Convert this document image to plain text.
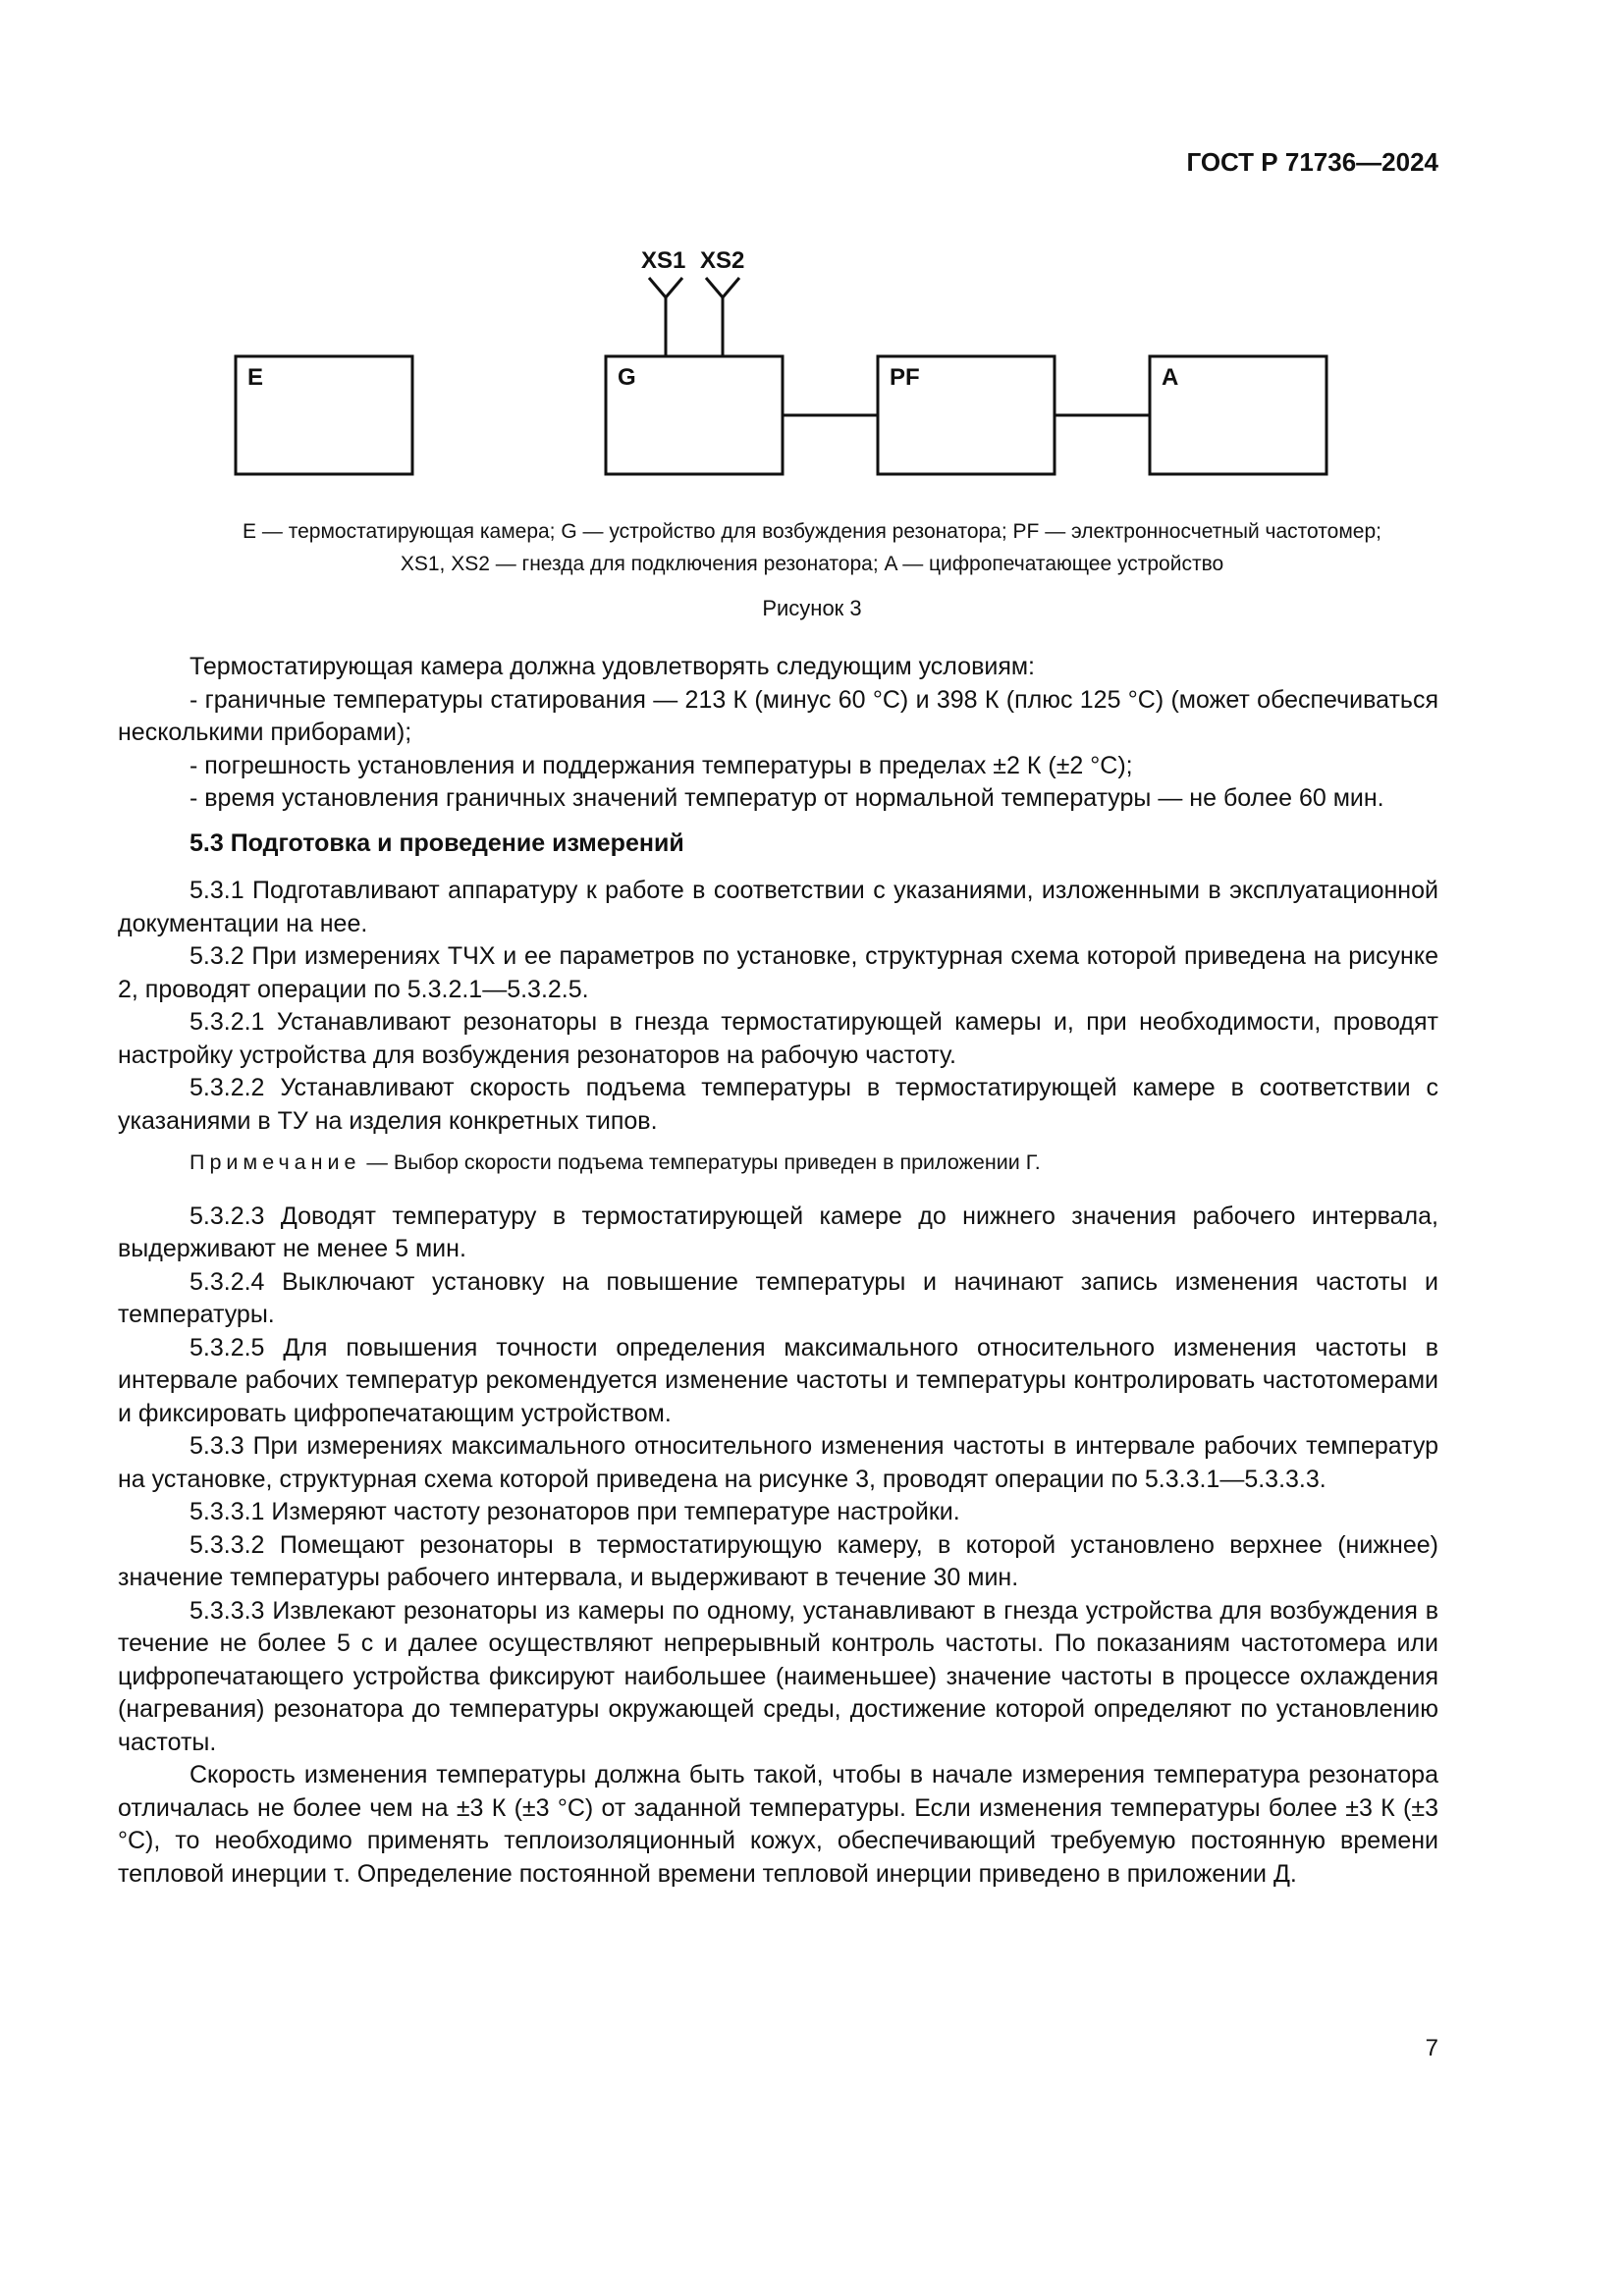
ГОСТ Р 71736—2024
E	G	PF	A
XS1 XS2
E — термостатирующая камера; G — устройство для возбуждения резонатора; PF — электронносчетный частотомер;
XS1, XS2 — гнезда для подключения резонатора; A — цифропечатающее устройство
Рисунок 3

Термостатирующая камера должна удовлетворять следующим условиям:

- граничные температуры статирования — 213 К (минус 60 °С) и 398 К (плюс 125 °С) (может обеспечиваться несколькими приборами);

- погрешность установления и поддержания температуры в пределах ±2 К (±2 °С);

- время установления граничных значений температур от нормальной температуры — не более 60 мин.

5.3 Подготовка и проведение измерений

5.3.1 Подготавливают аппаратуру к работе в соответствии с указаниями, изложенными в эксплуатационной документации на нее.

5.3.2 При измерениях ТЧХ и ее параметров по установке, структурная схема которой приведена на рисунке 2, проводят операции по 5.3.2.1—5.3.2.5.

5.3.2.1 Устанавливают резонаторы в гнезда термостатирующей камеры и, при необходимости, проводят настройку устройства для возбуждения резонаторов на рабочую частоту.

5.3.2.2 Устанавливают скорость подъема температуры в термостатирующей камере в соответствии с указаниями в ТУ на изделия конкретных типов.

Примечание — Выбор скорости подъема температуры приведен в приложении Г.

5.3.2.3 Доводят температуру в термостатирующей камере до нижнего значения рабочего интервала, выдерживают не менее 5 мин.

5.3.2.4 Выключают установку на повышение температуры и начинают запись изменения частоты и температуры.

5.3.2.5 Для повышения точности определения максимального относительного изменения частоты в интервале рабочих температур рекомендуется изменение частоты и температуры контролировать частотомерами и фиксировать цифропечатающим устройством.

5.3.3 При измерениях максимального относительного изменения частоты в интервале рабочих температур на установке, структурная схема которой приведена на рисунке 3, проводят операции по 5.3.3.1—5.3.3.3.

5.3.3.1 Измеряют частоту резонаторов при температуре настройки.

5.3.3.2 Помещают резонаторы в термостатирующую камеру, в которой установлено верхнее (нижнее) значение температуры рабочего интервала, и выдерживают в течение 30 мин.

5.3.3.3 Извлекают резонаторы из камеры по одному, устанавливают в гнезда устройства для возбуждения в течение не более 5 с и далее осуществляют непрерывный контроль частоты. По показаниям частотомера или цифропечатающего устройства фиксируют наибольшее (наименьшее) значение частоты в процессе охлаждения (нагревания) резонатора до температуры окружающей среды, достижение которой определяют по установлению частоты.

Скорость изменения температуры должна быть такой, чтобы в начале измерения температура резонатора отличалась не более чем на ±3 К (±3 °С) от заданной температуры. Если изменения температуры более ±3 К (±3 °С), то необходимо применять теплоизоляционный кожух, обеспечивающий требуемую постоянную времени тепловой инерции τ. Определение постоянной времени тепловой инерции приведено в приложении Д.

7
